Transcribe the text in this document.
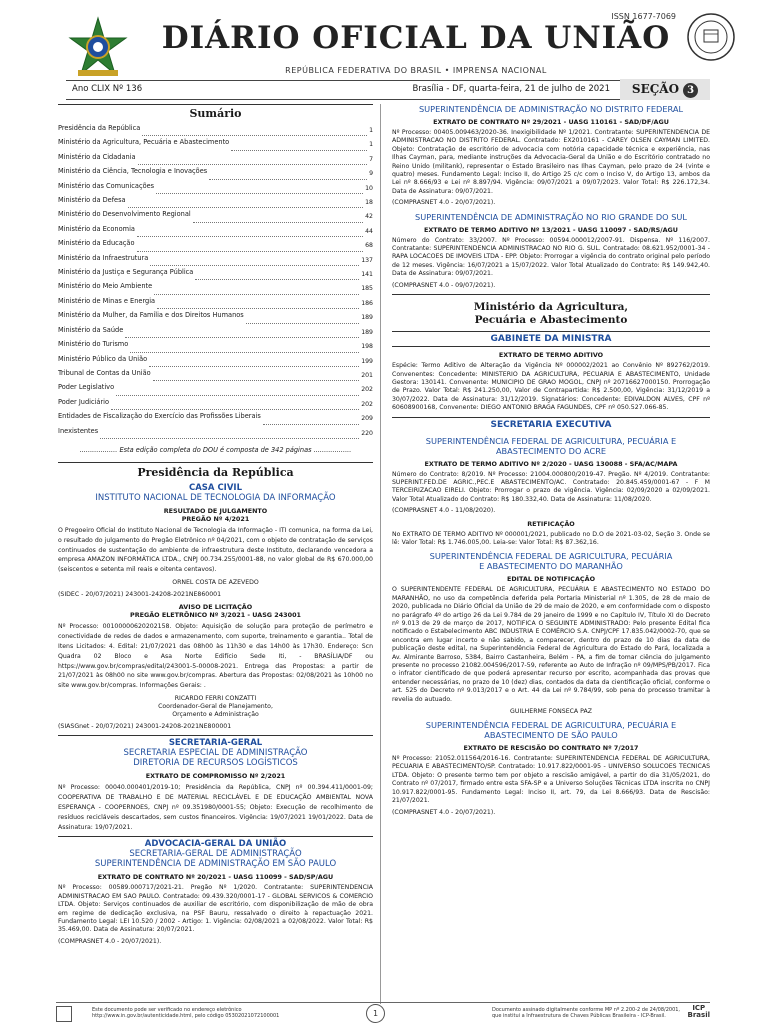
DIÁRIO OFICIAL DA UNIÃO
REPÚBLICA FEDERATIVA DO BRASIL • IMPRENSA NACIONAL
ISSN 1677-7069
Ano CLIX Nº 136	Brasília - DF, quarta-feira, 21 de julho de 2021	SEÇÃO 3
Sumário
Presidência da República	1
Ministério da Agricultura, Pecuária e Abastecimento	1
Ministério da Cidadania	7
Ministério da Ciência, Tecnologia e Inovações	9
Ministério das Comunicações	10
Ministério da Defesa	18
Ministério do Desenvolvimento Regional	42
Ministério da Economia	44
Ministério da Educação	68
Ministério da Infraestrutura	137
Ministério da Justiça e Segurança Pública	141
Ministério do Meio Ambiente	185
Ministério de Minas e Energia	186
Ministério da Mulher, da Família e dos Direitos Humanos	189
Ministério da Saúde	189
Ministério do Turismo	198
Ministério Público da União	199
Tribunal de Contas da União	201
Poder Legislativo	202
Poder Judiciário	202
Entidades de Fiscalização do Exercício das Profissões Liberais	209
Inexistentes	220
.................. Esta edição completa do DOU é composta de 342 páginas ..................
Presidência da República
CASA CIVIL
INSTITUTO NACIONAL DE TECNOLOGIA DA INFORMAÇÃO
RESULTADO DE JULGAMENTO
PREGÃO Nº 4/2021
O Pregoeiro Oficial do Instituto Nacional de Tecnologia da Informação - ITI comunica, na forma da Lei, o resultado do julgamento do Pregão Eletrônico nº 04/2021, com o objeto de contratação de serviços continuados de sustentação do ambiente de infraestrutura deste Instituto, declarando vencedora a empresa AMAZON INFORMÁTICA LTDA., CNPJ 00.734.255/0001-88, no valor global de R$ 670.000,00 (seiscentos e setenta mil reais e oitenta centavos).
ORNEL COSTA DE AZEVEDO
(SIDEC - 20/07/2021) 243001-24208-2021NE860001
AVISO DE LICITAÇÃO
PREGÃO ELETRÔNICO Nº 3/2021 - UASG 243001
Nº Processo: 00100000620202158. Objeto: Aquisição de solução para proteção de perímetro e conectividade de redes de dados e armazenamento, com suporte, treinamento e garantia.. Total de Itens Licitados: 4. Edital: 21/07/2021 das 08h00 às 11h30 e das 14h00 às 17h30. Endereço: Scn Quadra 02 Bloco e Asa Norte Edifício Sede Iti, - BRASÍLIA/DF ou https://www.gov.br/compras/edital/243001-5-00008-2021. Entrega das Propostas: a partir de 21/07/2021 às 08h00 no site www.gov.br/compras. Abertura das Propostas: 02/08/2021 às 10h00 no site www.gov.br/compras. Informações Gerais: .
RICARDO FERRI CONZATTI
Coordenador-Geral de Planejamento,
Orçamento e Administração
(SIASGnet - 20/07/2021) 243001-24208-2021NE800001
SECRETARIA-GERAL
SECRETARIA ESPECIAL DE ADMINISTRAÇÃO
DIRETORIA DE RECURSOS LOGÍSTICOS
EXTRATO DE COMPROMISSO Nº 2/2021
Nº Processo: 00040.000401/2019-10; Presidência da República, CNPJ nº 00.394.411/0001-09; COOPERATIVA DE TRABALHO E DE MATERIAL RECICLÁVEL E DE EDUCAÇÃO AMBIENTAL NOVA ESPERANÇA - COOPERNOES, CNPJ nº 09.351980/0001-55; Objeto: Execução de recolhimento de resíduos recicláveis descartados, sem custos financeiros. Vigência: 19/07/2021 19/01/2022. Data de Assinatura: 19/07/2021.
ADVOCACIA-GERAL DA UNIÃO
SECRETARIA-GERAL DE ADMINISTRAÇÃO
SUPERINTENDÊNCIA DE ADMINISTRAÇÃO EM SÃO PAULO
EXTRATO DE CONTRATO Nº 20/2021 - UASG 110099 - SAD/SP/AGU
Nº Processo: 00589.000717/2021-21. Pregão Nº 1/2020. Contratante: SUPERINTENDENCIA ADMINISTRACAO EM SAO PAULO. Contratado: 09.439.320/0001-17 - GLOBAL SERVICOS & COMERCIO LTDA. Objeto: Serviços continuados de auxiliar de escritório, com disponibilização de mão de obra em regime de dedicação exclusiva, na PSF Bauru, ressalvado o direito à repactuação 2021. Fundamento Legal: LEI 10.520 / 2002 - Artigo: 1. Vigência: 02/08/2021 a 02/08/2022. Valor Total: R$ 35.469,00. Data de Assinatura: 20/07/2021.
(COMPRASNET 4.0 - 20/07/2021).
SUPERINTENDÊNCIA DE ADMINISTRAÇÃO NO DISTRITO FEDERAL
EXTRATO DE CONTRATO Nº 29/2021 - UASG 110161 - SAD/DF/AGU
Nº Processo: 00405.009463/2020-36. Inexigibilidade Nº 1/2021. Contratante: SUPERINTENDENCIA DE ADMINISTRACAO NO DISTRITO FEDERAL. Contratado: EX2010161 - CAREY OLSEN CAYMAN LIMITED. Objeto: Contratação de escritório de advocacia com notória capacidade técnica e experiência, nas Ilhas Cayman, para, mediante instruções da Advocacia-Geral da União e do Escritório contratado no Reino Unido (militank), representar o Estado Brasileiro nas Ilhas Cayman, pelo prazo de 24 (vinte e quatro) meses. Fundamento Legal: Inciso II, do Artigo 25 c/c com o Inciso V, do Artigo 13, ambos da Lei nº 8.666/93 e Lei nº 8.897/94. Vigência: 09/07/2021 a 09/07/2023. Valor Total: R$ 226.172,34. Data de Assinatura: 09/07/2021.
(COMPRASNET 4.0 - 20/07/2021).
SUPERINTENDÊNCIA DE ADMINISTRAÇÃO NO RIO GRANDE DO SUL
EXTRATO DE TERMO ADITIVO Nº 13/2021 - UASG 110097 - SAD/RS/AGU
Número do Contrato: 33/2007. Nº Processo: 00594.000012/2007-91. Dispensa. Nº 116/2007. Contratante: SUPERINTENDENCIA ADMINISTRACAO NO RIO G. SUL. Contratado: 08.621.952/0001-34 - RAPA LOCACOES DE IMOVEIS LTDA - EPP. Objeto: Prorrogar a vigência do contrato original pelo período de 12 meses. Vigência: 16/07/2021 a 15/07/2022. Valor Total Atualizado do Contrato: R$ 149.942,40. Data de Assinatura: 09/07/2021.
(COMPRASNET 4.0 - 09/07/2021).
Ministério da Agricultura,
Pecuária e Abastecimento
GABINETE DA MINISTRA
EXTRATO DE TERMO ADITIVO
Espécie: Termo Aditivo de Alteração da Vigência Nº 000002/2021 ao Convênio Nº 892762/2019. Convenentes: Concedente: MINISTERIO DA AGRICULTURA, PECUARIA E ABASTECIMENTO, Unidade Gestora: 130141. Convenente: MUNICIPIO DE GRAO MOGOL, CNPJ nº 20716627000150. Prorrogação de Prazo. Valor Total: R$ 241.250,00, Valor de Contrapartida: R$ 2.500,00, Vigência: 31/12/2019 a 30/07/2022. Data de Assinatura: 31/12/2019. Signatários: Concedente: EDIVALDON ALVES, CPF nº 60608900168, Convenente: DIEGO ANTONIO BRAGA FAGUNDES, CPF nº 050.527.066-85.
SECRETARIA EXECUTIVA
SUPERINTENDÊNCIA FEDERAL DE AGRICULTURA, PECUÁRIA E
ABASTECIMENTO DO ACRE
EXTRATO DE TERMO ADITIVO Nº 2/2020 - UASG 130088 - SFA/AC/MAPA
Número do Contrato: 8/2019. Nº Processo: 21004.000800/2019-47. Pregão. Nº 4/2019. Contratante: SUPERINT.FED.DE AGRIC.,PEC.E ABASTECIMENTO/AC. Contratado: 20.845.459/0001-67 - F M TERCEIRIZACAO EIRELI. Objeto: Prorrogar o prazo de vigência. Vigência: 02/09/2020 a 02/09/2021. Valor Total Atualizado do Contrato: R$ 180.332,40. Data de Assinatura: 11/08/2020.
(COMPRASNET 4.0 - 11/08/2020).
RETIFICAÇÃO
No EXTRATO DE TERMO ADITIVO Nº 000001/2021, publicado no D.O de 2021-03-02, Seção 3. Onde se lê: Valor Total: R$ 1.746.005,00. Leia-se: Valor Total: R$ 87.362,16.
SUPERINTENDÊNCIA FEDERAL DE AGRICULTURA, PECUÁRIA
E ABASTECIMENTO DO MARANHÃO
EDITAL DE NOTIFICAÇÃO
O SUPERINTENDENTE FEDERAL DE AGRICULTURA, PECUÁRIA E ABASTECIMENTO NO ESTADO DO MARANHÃO, no uso da competência deferida pela Portaria Ministerial nº 1.305, de 28 de maio de 2020, publicada no Diário Oficial da União de 29 de maio de 2020, e em conformidade com o disposto no parágrafo 4º do artigo 26 da Lei 9.784 de 29 janeiro de 1999 e no Capítulo IV, Título XI do Decreto nº 9.013 de 29 de março de 2017, NOTIFICA O SEGUINTE ADMINISTRADO: Pelo presente Edital fica notificado o Estabelecimento ABC INDUSTRIA E COMÉRCIO S.A. CNPJ/CPF 17.835.042/0002-70, que se encontra em lugar incerto e não sabido, a comparecer, dentro do prazo de 10 dias da data de publicação deste edital, na Superintendência Federal de Agricultura do Estado do Pará, localizada a Av. Almirante Barroso, 5384, Bairro Castanheira, Belém - PA, a fim de tomar ciência do julgamento presente no processo 21082.004596/2017-59, referente ao Auto de Infração nº 09/MPS/PB/2017. Fica o infrator cientificado de que poderá apresentar recurso por escrito, acompanhada das provas que entender necessárias, no prazo de 10 (dez) dias, contados da data da cientificação oficial, conforme o art. 525 do Decreto nº 9.013/2017 e o Art. 44 da Lei nº 9.784/99, sob pena do processo tramitar à revelia do autuado.
GUILHERME FONSECA PAZ
SUPERINTENDÊNCIA FEDERAL DE AGRICULTURA, PECUÁRIA E
ABASTECIMENTO DE SÃO PAULO
EXTRATO DE RESCISÃO DO CONTRATO Nº 7/2017
Nº Processo: 21052.011564/2016-16. Contratante: SUPERINTENDENCIA FEDERAL DE AGRICULTURA, PECUARIA E ABASTECIMENTO/SP. Contratado: 10.917.822/0001-95 - UNIVERSO SOLUCOES TECNICAS LTDA. Objeto: O presente termo tem por objeto a rescisão amigável, a partir do dia 31/05/2021, do Contrato nº 07/2017, firmado entre esta SFA-SP e a Universo Soluções Técnicas LTDA inscrita no CNPJ 10.917.822/0001-95. Fundamento Legal: Inciso II, art. 79, da Lei 8.666/93. Data de Rescisão: 21/07/2021.
(COMPRASNET 4.0 - 20/07/2021).
Este documento pode ser verificado no endereço eletrônico
http://www.in.gov.br/autenticidade.html, pelo código 05302021072100001	1	Documento assinado digitalmente conforme MP nº 2.200-2 de 24/08/2001,
que institui a Infraestrutura de Chaves Públicas Brasileira - ICP-Brasil.
ICP
Brasil
